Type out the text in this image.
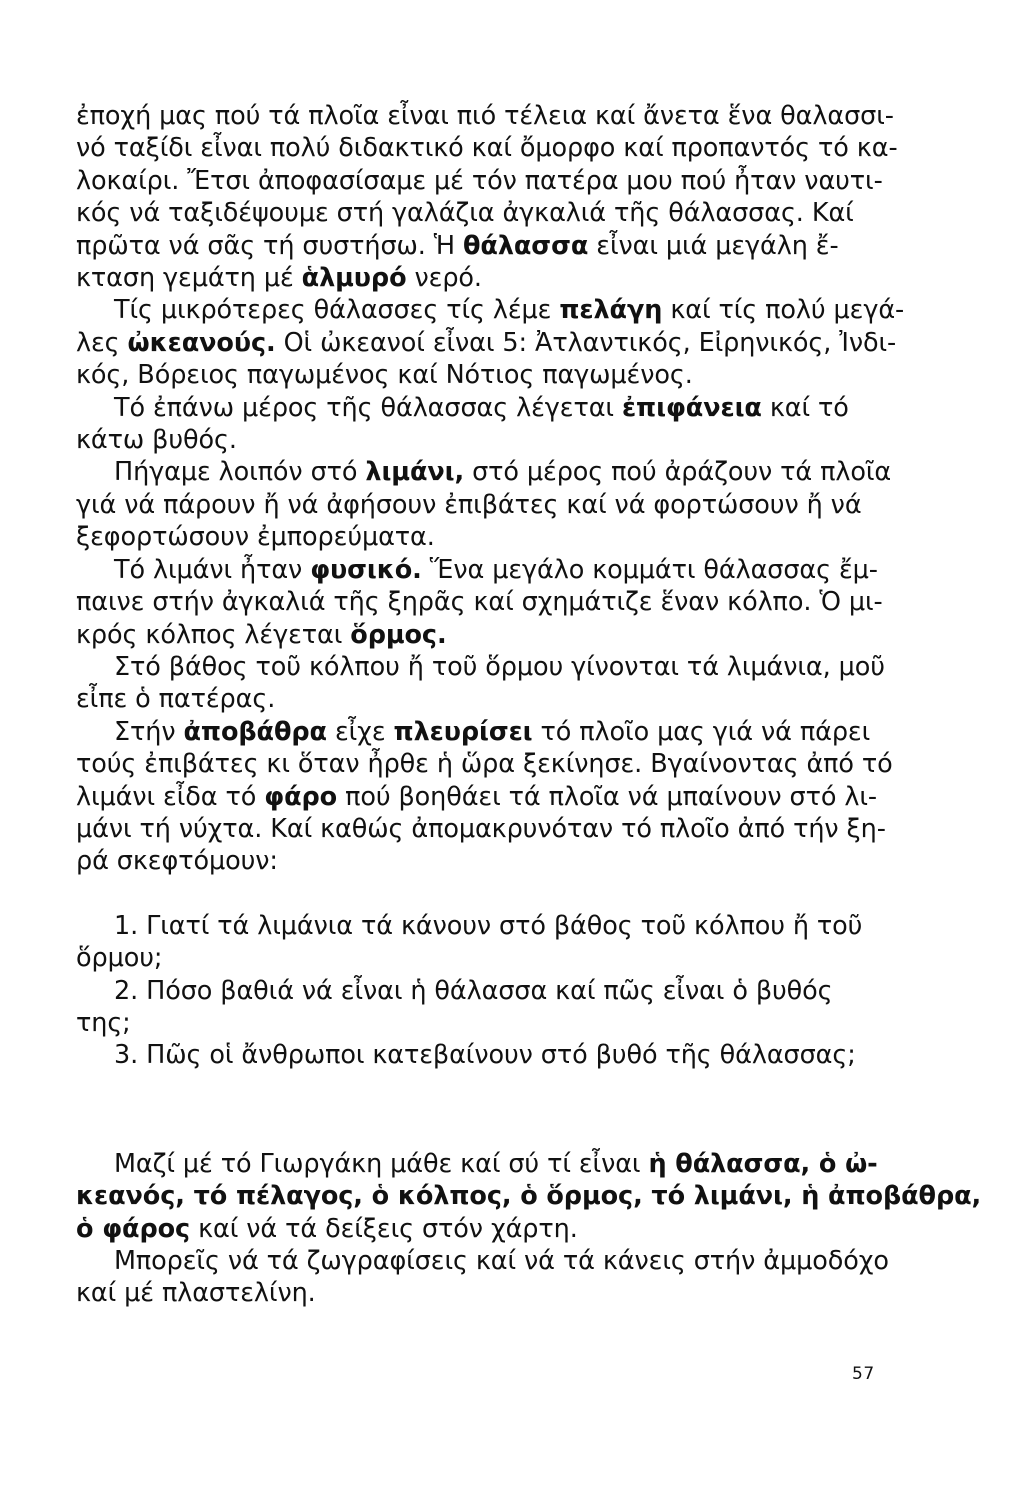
ἐποχή μας πού τά πλοῖα εἶναι πιό τέλεια καί ἄνετα ἕνα θαλασσι-

νό ταξίδι εἶναι πολύ διδακτικό καί ὄμορφο καί προπαντός τό κα-

λοκαίρι. Ἔτσι ἀποφασίσαμε μέ τόν πατέρα μου πού ἦταν ναυτι-

κός νά ταξιδέψουμε στή γαλάζια ἀγκαλιά τῆς θάλασσας. Καί

πρῶτα νά σᾶς τή συστήσω. Ἡ θάλασσα εἶναι μιά μεγάλη ἔ-

κταση γεμάτη μέ ἁλμυρό νερό.

Τίς μικρότερες θάλασσες τίς λέμε πελάγη καί τίς πολύ μεγά-

λες ὠκεανούς. Οἱ ὠκεανοί εἶναι 5: Ἀτλαντικός, Εἰρηνικός, Ἰνδι-

κός, Βόρειος παγωμένος καί Νότιος παγωμένος.

Τό ἐπάνω μέρος τῆς θάλασσας λέγεται ἐπιφάνεια καί τό

κάτω βυθός.

Πήγαμε λοιπόν στό λιμάνι, στό μέρος πού ἀράζουν τά πλοῖα

γιά νά πάρουν ἤ νά ἀφήσουν ἐπιβάτες καί νά φορτώσουν ἤ νά

ξεφορτώσουν ἐμπορεύματα.

Τό λιμάνι ἦταν φυσικό. Ἕνα μεγάλο κομμάτι θάλασσας ἔμ-

παινε στήν ἀγκαλιά τῆς ξηρᾶς καί σχημάτιζε ἕναν κόλπο. Ὁ μι-

κρός κόλπος λέγεται ὅρμος.

Στό βάθος τοῦ κόλπου ἤ τοῦ ὅρμου γίνονται τά λιμάνια, μοῦ

εἶπε ὁ πατέρας.

Στήν ἀποβάθρα εἶχε πλευρίσει τό πλοῖο μας γιά νά πάρει

τούς ἐπιβάτες κι ὅταν ἦρθε ἡ ὥρα ξεκίνησε. Βγαίνοντας ἀπό τό

λιμάνι εἶδα τό φάρο πού βοηθάει τά πλοῖα νά μπαίνουν στό λι-

μάνι τή νύχτα. Καί καθώς ἀπομακρυνόταν τό πλοῖο ἀπό τήν ξη-

ρά σκεφτόμουν:

1. Γιατί τά λιμάνια τά κάνουν στό βάθος τοῦ κόλπου ἤ τοῦ

ὅρμου;

2. Πόσο βαθιά νά εἶναι ἡ θάλασσα καί πῶς εἶναι ὁ βυθός

της;

3. Πῶς οἱ ἄνθρωποι κατεβαίνουν στό βυθό τῆς θάλασσας;

Μαζί μέ τό Γιωργάκη μάθε καί σύ τί εἶναι ἡ θάλασσα, ὁ ὠ-

κεανός, τό πέλαγος, ὁ κόλπος, ὁ ὅρμος, τό λιμάνι, ἡ ἀποβάθρα,

ὁ φάρος καί νά τά δείξεις στόν χάρτη.

Μπορεῖς νά τά ζωγραφίσεις καί νά τά κάνεις στήν ἀμμοδόχο

καί μέ πλαστελίνη.

57
